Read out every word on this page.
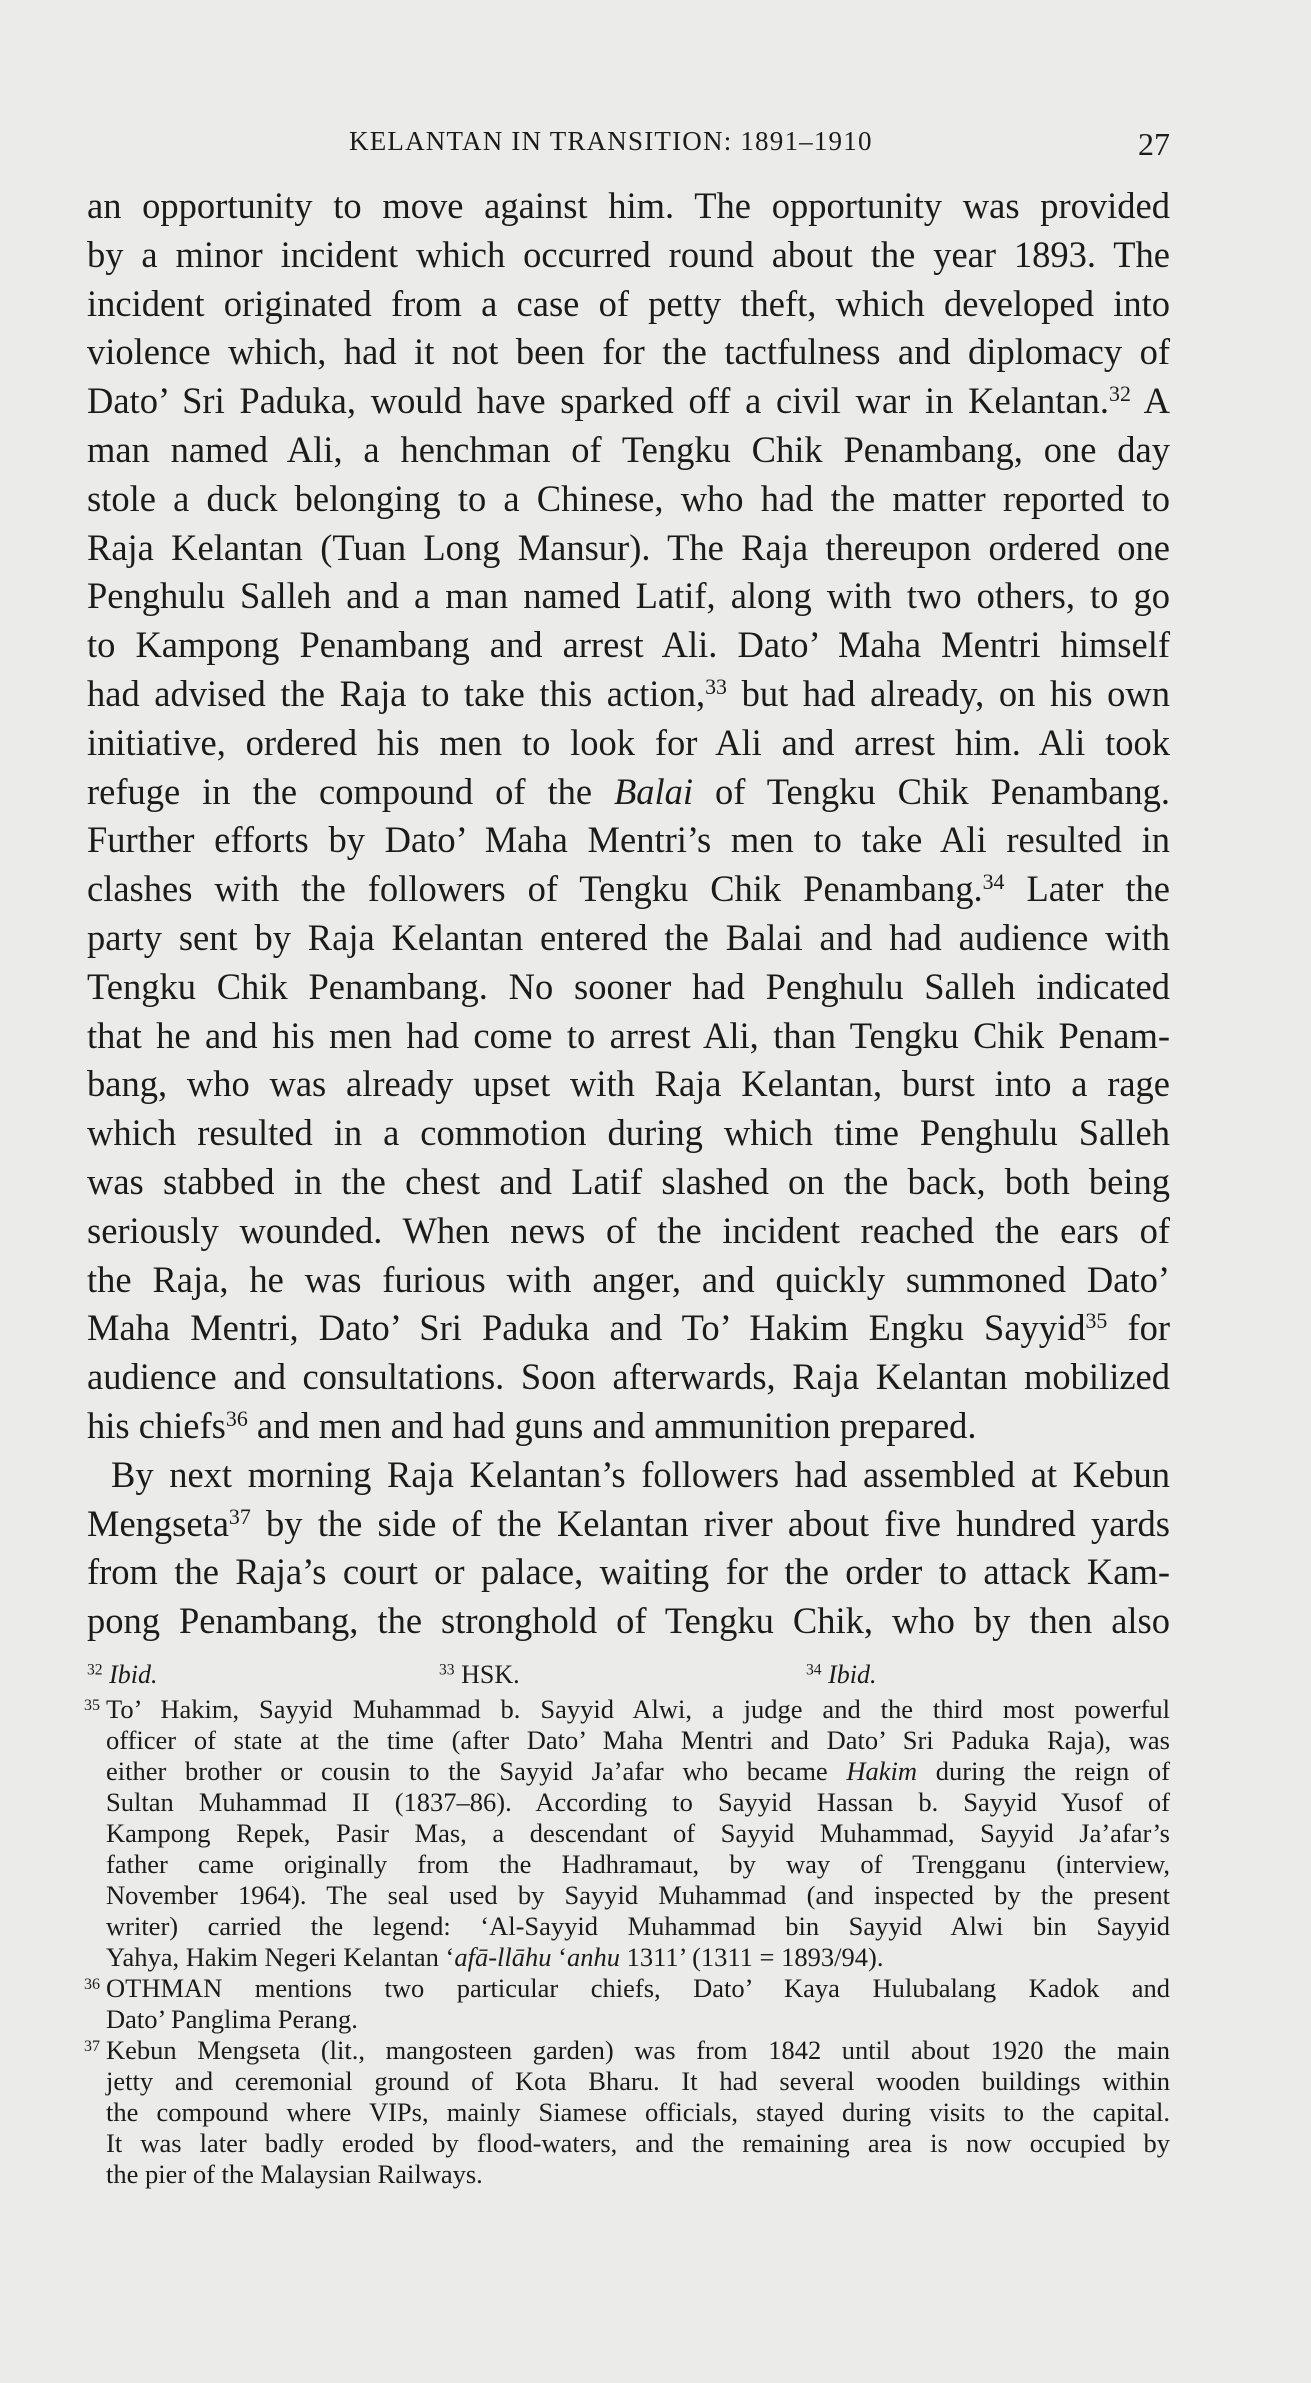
KELANTAN IN TRANSITION: 1891–1910	27
an opportunity to move against him. The opportunity was provided
by a minor incident which occurred round about the year 1893. The
incident originated from a case of petty theft, which developed into
violence which, had it not been for the tactfulness and diplomacy of
Dato’ Sri Paduka, would have sparked off a civil war in Kelantan.$^{32}$ A
man named Ali, a henchman of Tengku Chik Penambang, one day
stole a duck belonging to a Chinese, who had the matter reported to
Raja Kelantan (Tuan Long Mansur). The Raja thereupon ordered one
Penghulu Salleh and a man named Latif, along with two others, to go
to Kampong Penambang and arrest Ali. Dato’ Maha Mentri himself
had advised the Raja to take this action,$^{33}$ but had already, on his own
initiative, ordered his men to look for Ali and arrest him. Ali took
refuge in the compound of the Balai of Tengku Chik Penambang.
Further efforts by Dato’ Maha Mentri’s men to take Ali resulted in
clashes with the followers of Tengku Chik Penambang.$^{34}$ Later the
party sent by Raja Kelantan entered the Balai and had audience with
Tengku Chik Penambang. No sooner had Penghulu Salleh indicated
that he and his men had come to arrest Ali, than Tengku Chik Penam-
bang, who was already upset with Raja Kelantan, burst into a rage
which resulted in a commotion during which time Penghulu Salleh
was stabbed in the chest and Latif slashed on the back, both being
seriously wounded. When news of the incident reached the ears of
the Raja, he was furious with anger, and quickly summoned Dato’
Maha Mentri, Dato’ Sri Paduka and To’ Hakim Engku Sayyid$^{35}$ for
audience and consultations. Soon afterwards, Raja Kelantan mobilized
his chiefs$^{36}$ and men and had guns and ammunition prepared.
By next morning Raja Kelantan’s followers had assembled at Kebun
Mengseta$^{37}$ by the side of the Kelantan river about five hundred yards
from the Raja’s court or palace, waiting for the order to attack Kam-
pong Penambang, the stronghold of Tengku Chik, who by then also
$^{32}$ Ibid.	$^{33}$ HSK.	$^{34}$ Ibid.
35 To’ Hakim, Sayyid Muhammad b. Sayyid Alwi, a judge and the third most powerful
officer of state at the time (after Dato’ Maha Mentri and Dato’ Sri Paduka Raja), was
either brother or cousin to the Sayyid Ja’afar who became Hakim during the reign of
Sultan Muhammad II (1837–86). According to Sayyid Hassan b. Sayyid Yusof of
Kampong Repek, Pasir Mas, a descendant of Sayyid Muhammad, Sayyid Ja’afar’s
father came originally from the Hadhramaut, by way of Trengganu (interview,
November 1964). The seal used by Sayyid Muhammad (and inspected by the present
writer) carried the legend: ‘Al-Sayyid Muhammad bin Sayyid Alwi bin Sayyid
Yahya, Hakim Negeri Kelantan ‘afā-llāhu ‘anhu 1311’ (1311 = 1893/94).
36 OTHMAN mentions two particular chiefs, Dato’ Kaya Hulubalang Kadok and
Dato’ Panglima Perang.
37 Kebun Mengseta (lit., mangosteen garden) was from 1842 until about 1920 the main
jetty and ceremonial ground of Kota Bharu. It had several wooden buildings within
the compound where VIPs, mainly Siamese officials, stayed during visits to the capital.
It was later badly eroded by flood-waters, and the remaining area is now occupied by
the pier of the Malaysian Railways.
